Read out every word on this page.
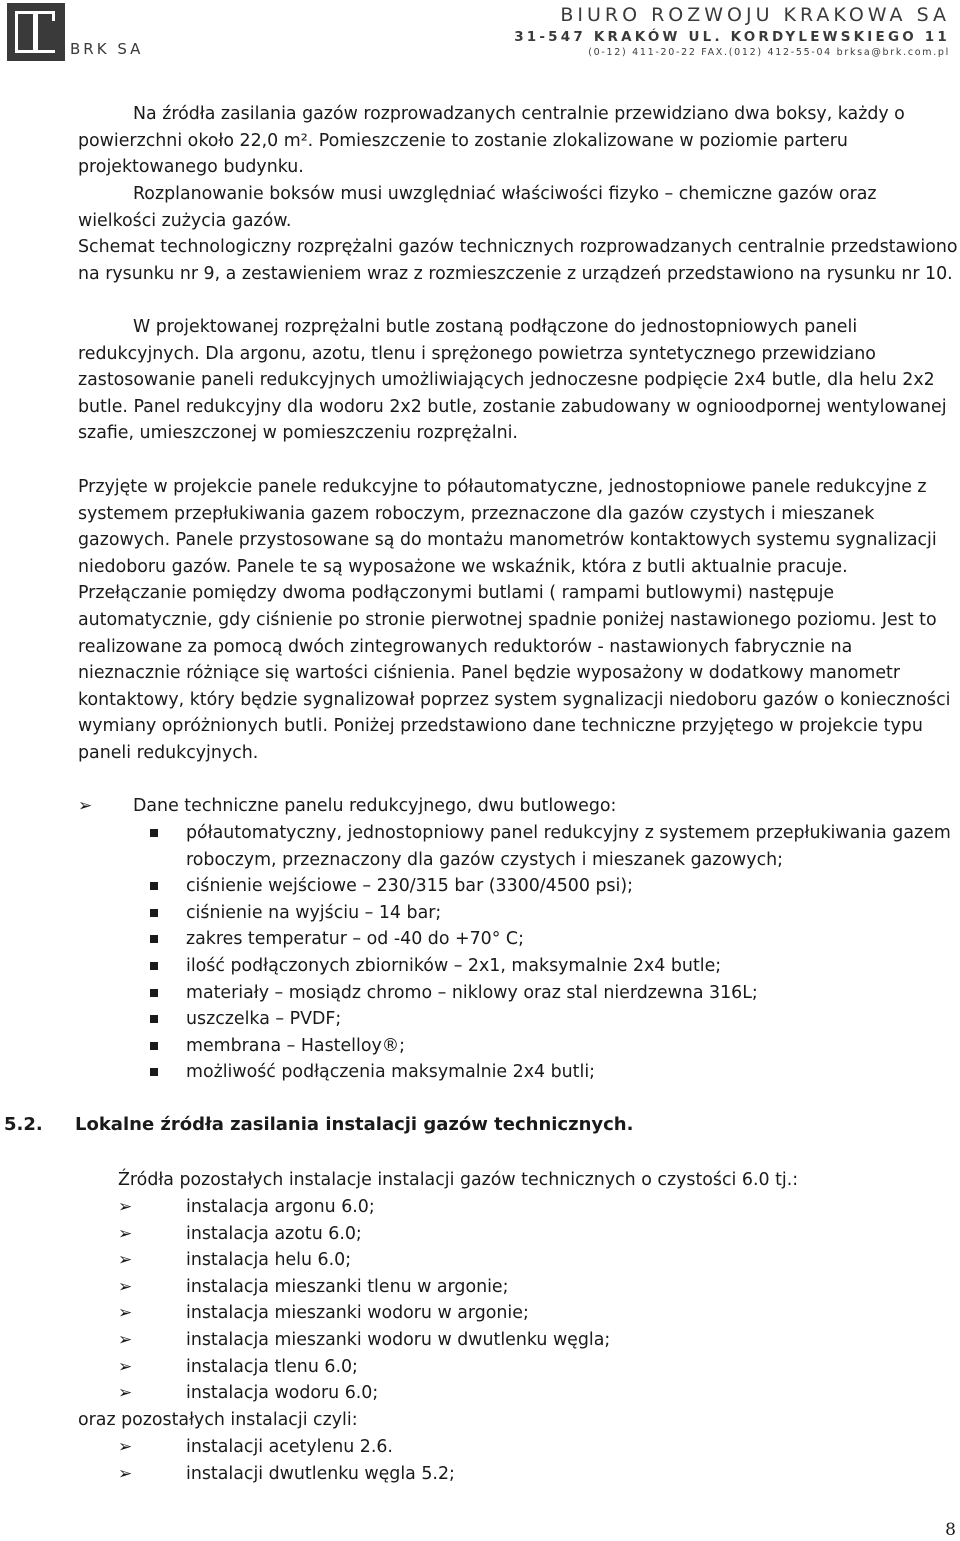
BRK SA
BIURO ROZWOJU KRAKOWA SA
31-547 KRAKÓW UL. KORDYLEWSKIEGO 11
(0-12) 411-20-22 FAX.(012) 412-55-04 brksa@brk.com.pl

Na źródła zasilania gazów rozprowadzanych centralnie przewidziano dwa boksy, każdy o powierzchni około 22,0 m². Pomieszczenie to zostanie zlokalizowane w poziomie parteru projektowanego budynku.

Rozplanowanie boksów musi uwzględniać właściwości fizyko – chemiczne gazów oraz wielkości zużycia gazów.

Schemat technologiczny rozprężalni gazów technicznych rozprowadzanych centralnie przedstawiono na rysunku nr 9, a zestawieniem wraz z rozmieszczenie z urządzeń przedstawiono na rysunku nr 10.

W projektowanej rozprężalni butle zostaną podłączone do jednostopniowych paneli redukcyjnych. Dla argonu, azotu, tlenu i sprężonego powietrza syntetycznego przewidziano zastosowanie paneli redukcyjnych umożliwiających jednoczesne podpięcie 2x4 butle, dla helu 2x2 butle. Panel redukcyjny dla wodoru 2x2 butle, zostanie zabudowany w ognioodpornej wentylowanej szafie, umieszczonej w pomieszczeniu rozprężalni.

Przyjęte w projekcie panele redukcyjne to półautomatyczne, jednostopniowe panele redukcyjne z systemem przepłukiwania gazem roboczym, przeznaczone dla gazów czystych i mieszanek gazowych. Panele przystosowane są do montażu manometrów kontaktowych systemu sygnalizacji niedoboru gazów. Panele te są wyposażone we wskaźnik, która z butli aktualnie pracuje. Przełączanie pomiędzy dwoma podłączonymi butlami ( rampami butlowymi) następuje automatycznie, gdy ciśnienie po stronie pierwotnej spadnie poniżej nastawionego poziomu. Jest to realizowane za pomocą dwóch zintegrowanych reduktorów - nastawionych fabrycznie na nieznacznie różniące się wartości ciśnienia. Panel będzie wyposażony w dodatkowy manometr kontaktowy, który będzie sygnalizował poprzez system sygnalizacji niedoboru gazów o konieczności wymiany opróżnionych butli. Poniżej przedstawiono dane techniczne przyjętego w projekcie typu paneli redukcyjnych.

➢ Dane techniczne panelu redukcyjnego, dwu butlowego:
półautomatyczny, jednostopniowy panel redukcyjny z systemem przepłukiwania gazem roboczym, przeznaczony dla gazów czystych i mieszanek gazowych;
ciśnienie wejściowe – 230/315 bar (3300/4500 psi);
ciśnienie na wyjściu – 14 bar;
zakres temperatur – od -40 do +70° C;
ilość podłączonych zbiorników – 2x1, maksymalnie 2x4 butle;
materiały – mosiądz chromo – niklowy oraz stal nierdzewna 316L;
uszczelka – PVDF;
membrana – Hastelloy®;
możliwość podłączenia maksymalnie 2x4 butli;
5.2. Lokalne źródła zasilania instalacji gazów technicznych.
Źródła pozostałych instalacje instalacji gazów technicznych o czystości 6.0 tj.:
➢	instalacja argonu 6.0;
➢	instalacja azotu 6.0;
➢	instalacja helu 6.0;
➢	instalacja mieszanki tlenu w argonie;
➢	instalacja mieszanki wodoru w argonie;
➢	instalacja mieszanki wodoru w dwutlenku węgla;
➢	instalacja tlenu 6.0;
➢	instalacja wodoru 6.0;
oraz pozostałych instalacji czyli:
➢	instalacji acetylenu 2.6.
➢	instalacji dwutlenku węgla 5.2;
8
